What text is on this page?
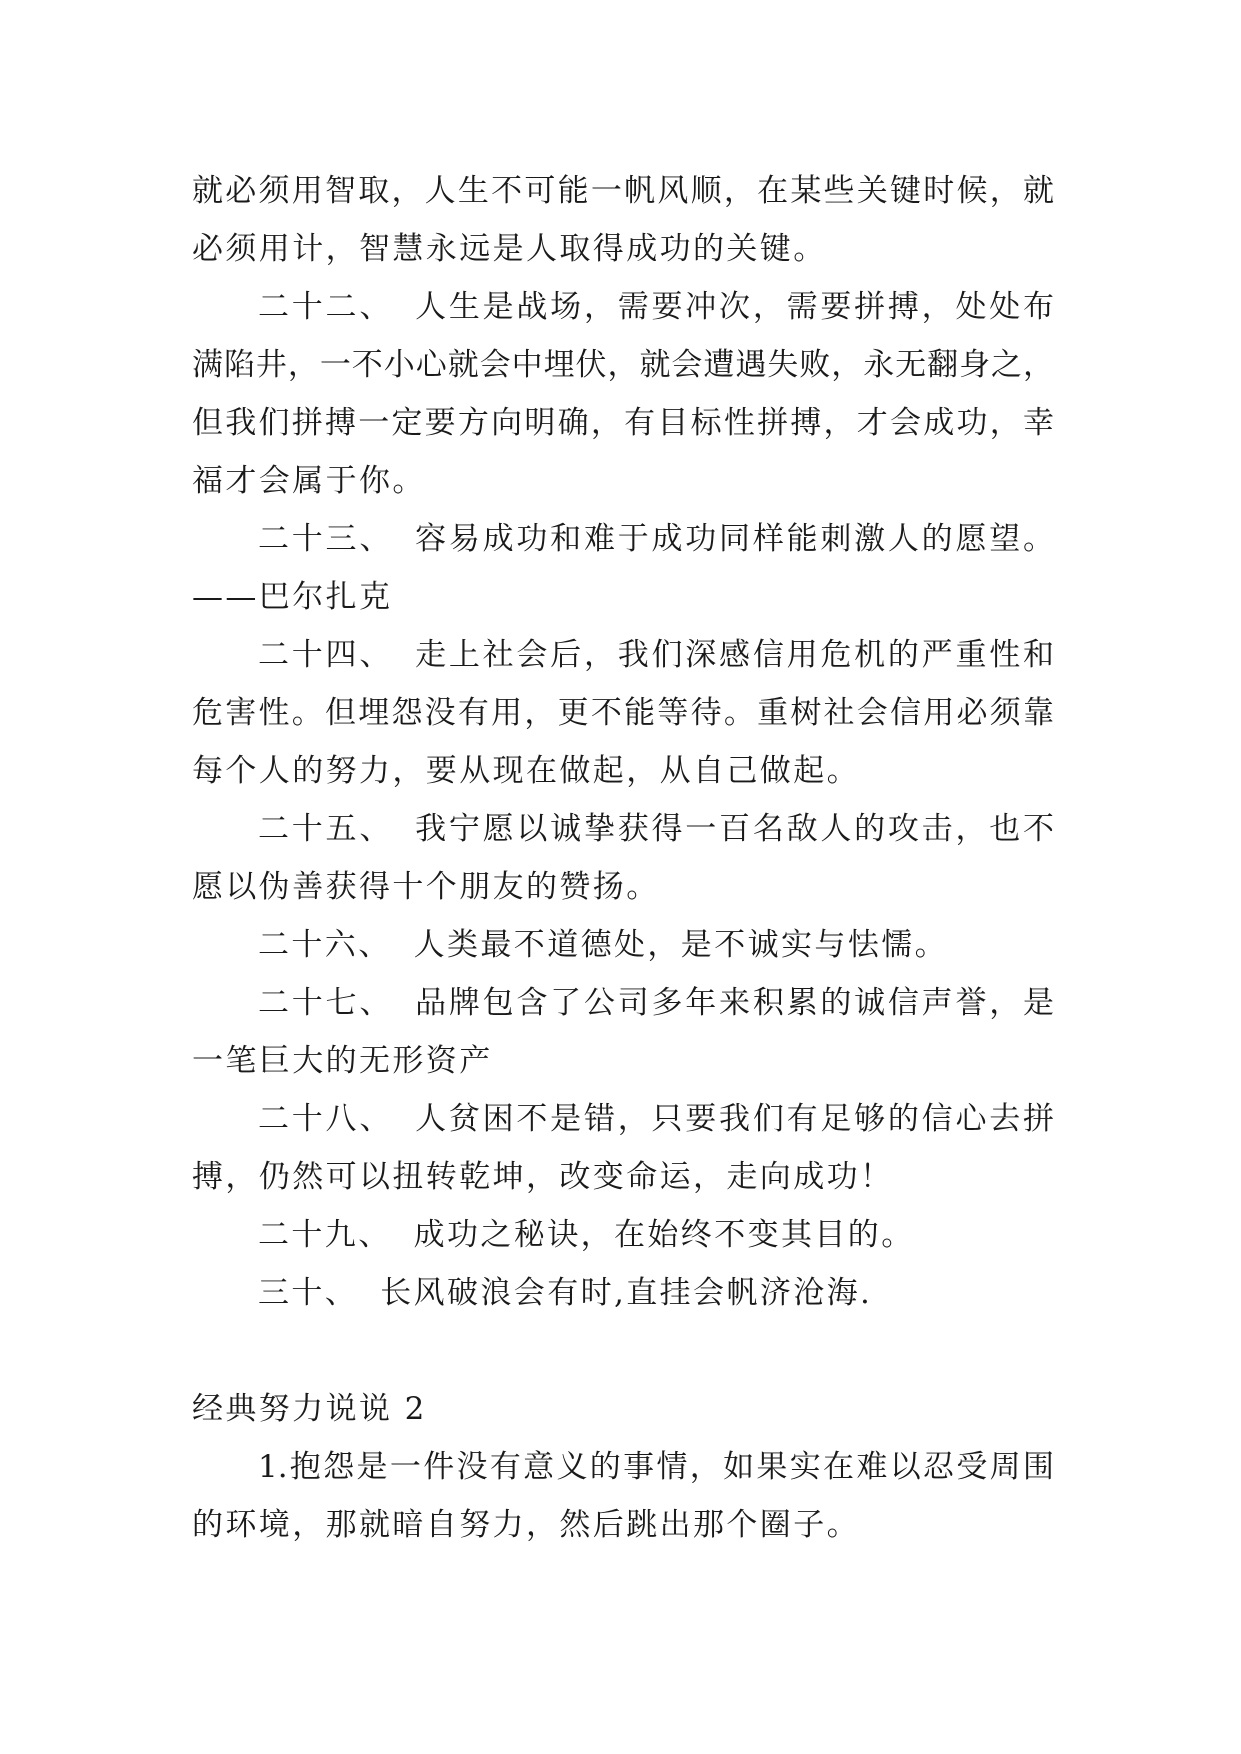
就必须用智取，人生不可能一帆风顺，在某些关键时候，就
必须用计，智慧永远是人取得成功的关键。
二十二、 人生是战场，需要冲次，需要拼搏，处处布
满陷井，一不小心就会中埋伏，就会遭遇失败，永无翻身之，
但我们拼搏一定要方向明确，有目标性拼搏，才会成功，幸
福才会属于你。
二十三、 容易成功和难于成功同样能刺激人的愿望。
——巴尔扎克
二十四、 走上社会后，我们深感信用危机的严重性和
危害性。但埋怨没有用，更不能等待。重树社会信用必须靠
每个人的努力，要从现在做起，从自己做起。
二十五、 我宁愿以诚挚获得一百名敌人的攻击，也不
愿以伪善获得十个朋友的赞扬。
二十六、 人类最不道德处，是不诚实与怯懦。
二十七、 品牌包含了公司多年来积累的诚信声誉，是
一笔巨大的无形资产
二十八、 人贫困不是错，只要我们有足够的信心去拼
搏，仍然可以扭转乾坤，改变命运，走向成功！
二十九、 成功之秘诀，在始终不变其目的。
三十、 长风破浪会有时,直挂会帆济沧海.
经典努力说说 2
1.抱怨是一件没有意义的事情，如果实在难以忍受周围
的环境，那就暗自努力，然后跳出那个圈子。
